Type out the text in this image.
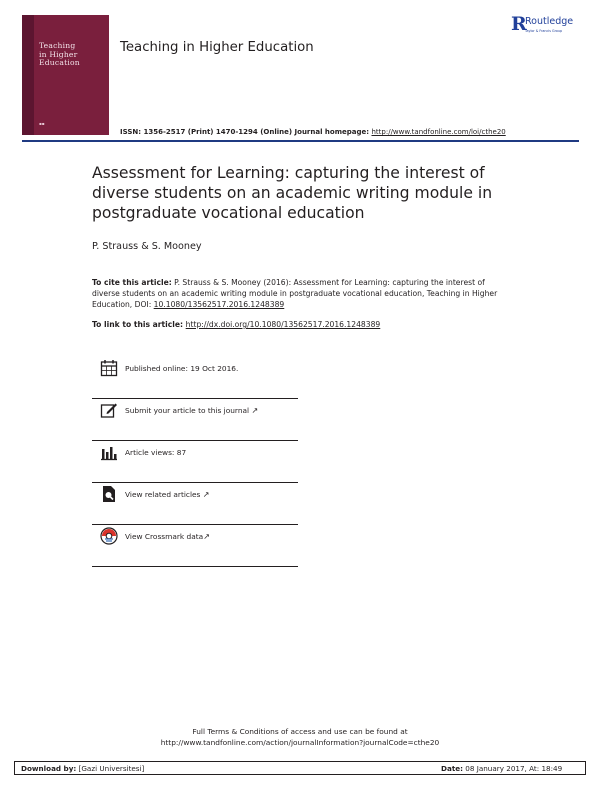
Teaching
in Higher
Education
▪▪
Teaching in Higher Education
R
Routledge
Taylor & Francis Group
ISSN: 1356-2517 (Print) 1470-1294 (Online) Journal homepage: http://www.tandfonline.com/loi/cthe20
Assessment for Learning: capturing the interest of diverse students on an academic writing module in postgraduate vocational education
P. Strauss & S. Mooney
To cite this article: P. Strauss & S. Mooney (2016): Assessment for Learning: capturing the interest of diverse students on an academic writing module in postgraduate vocational education, Teaching in Higher Education, DOI: 10.1080/13562517.2016.1248389
To link to this article: http://dx.doi.org/10.1080/13562517.2016.1248389
Published online: 19 Oct 2016.
Submit your article to this journal ↗
Article views: 87
View related articles ↗
View Crossmark data↗
Full Terms & Conditions of access and use can be found at
http://www.tandfonline.com/action/journalInformation?journalCode=cthe20
Download by: [Gazi Universitesi]	Date: 08 January 2017, At: 18:49
